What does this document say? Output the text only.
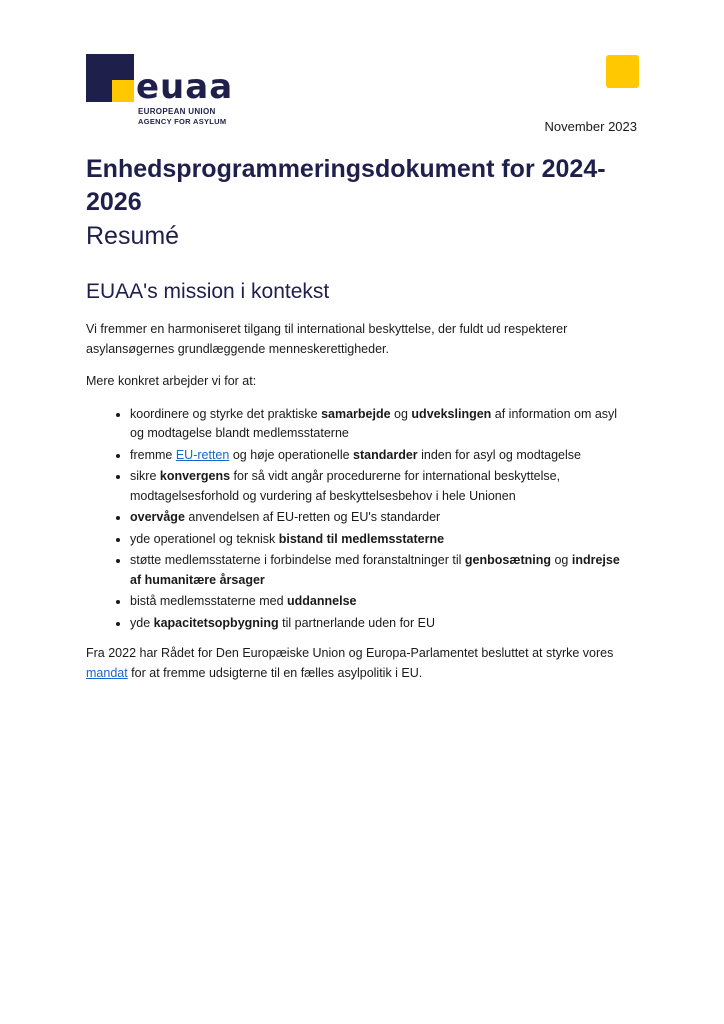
euaa
EUROPEAN UNION
AGENCY FOR ASYLUM	November 2023
Enhedsprogrammeringsdokument for 2024-2026
Resumé
EUAA's mission i kontekst

Vi fremmer en harmoniseret tilgang til international beskyttelse, der fuldt ud respekterer asylansøgernes grundlæggende menneskerettigheder.

Mere konkret arbejder vi for at:

• koordinere og styrke det praktiske samarbejde og udvekslingen af information om asyl og modtagelse blandt medlemsstaterne
• fremme EU-retten og høje operationelle standarder inden for asyl og modtagelse
• sikre konvergens for så vidt angår procedurerne for international beskyttelse, modtagelsesforhold og vurdering af beskyttelsesbehov i hele Unionen
• overvåge anvendelsen af EU-retten og EU's standarder
• yde operationel og teknisk bistand til medlemsstaterne
• støtte medlemsstaterne i forbindelse med foranstaltninger til genbosætning og indrejse af humanitære årsager
• bistå medlemsstaterne med uddannelse
• yde kapacitetsopbygning til partnerlande uden for EU

Fra 2022 har Rådet for Den Europæiske Union og Europa-Parlamentet besluttet at styrke vores mandat for at fremme udsigterne til en fælles asylpolitik i EU.
